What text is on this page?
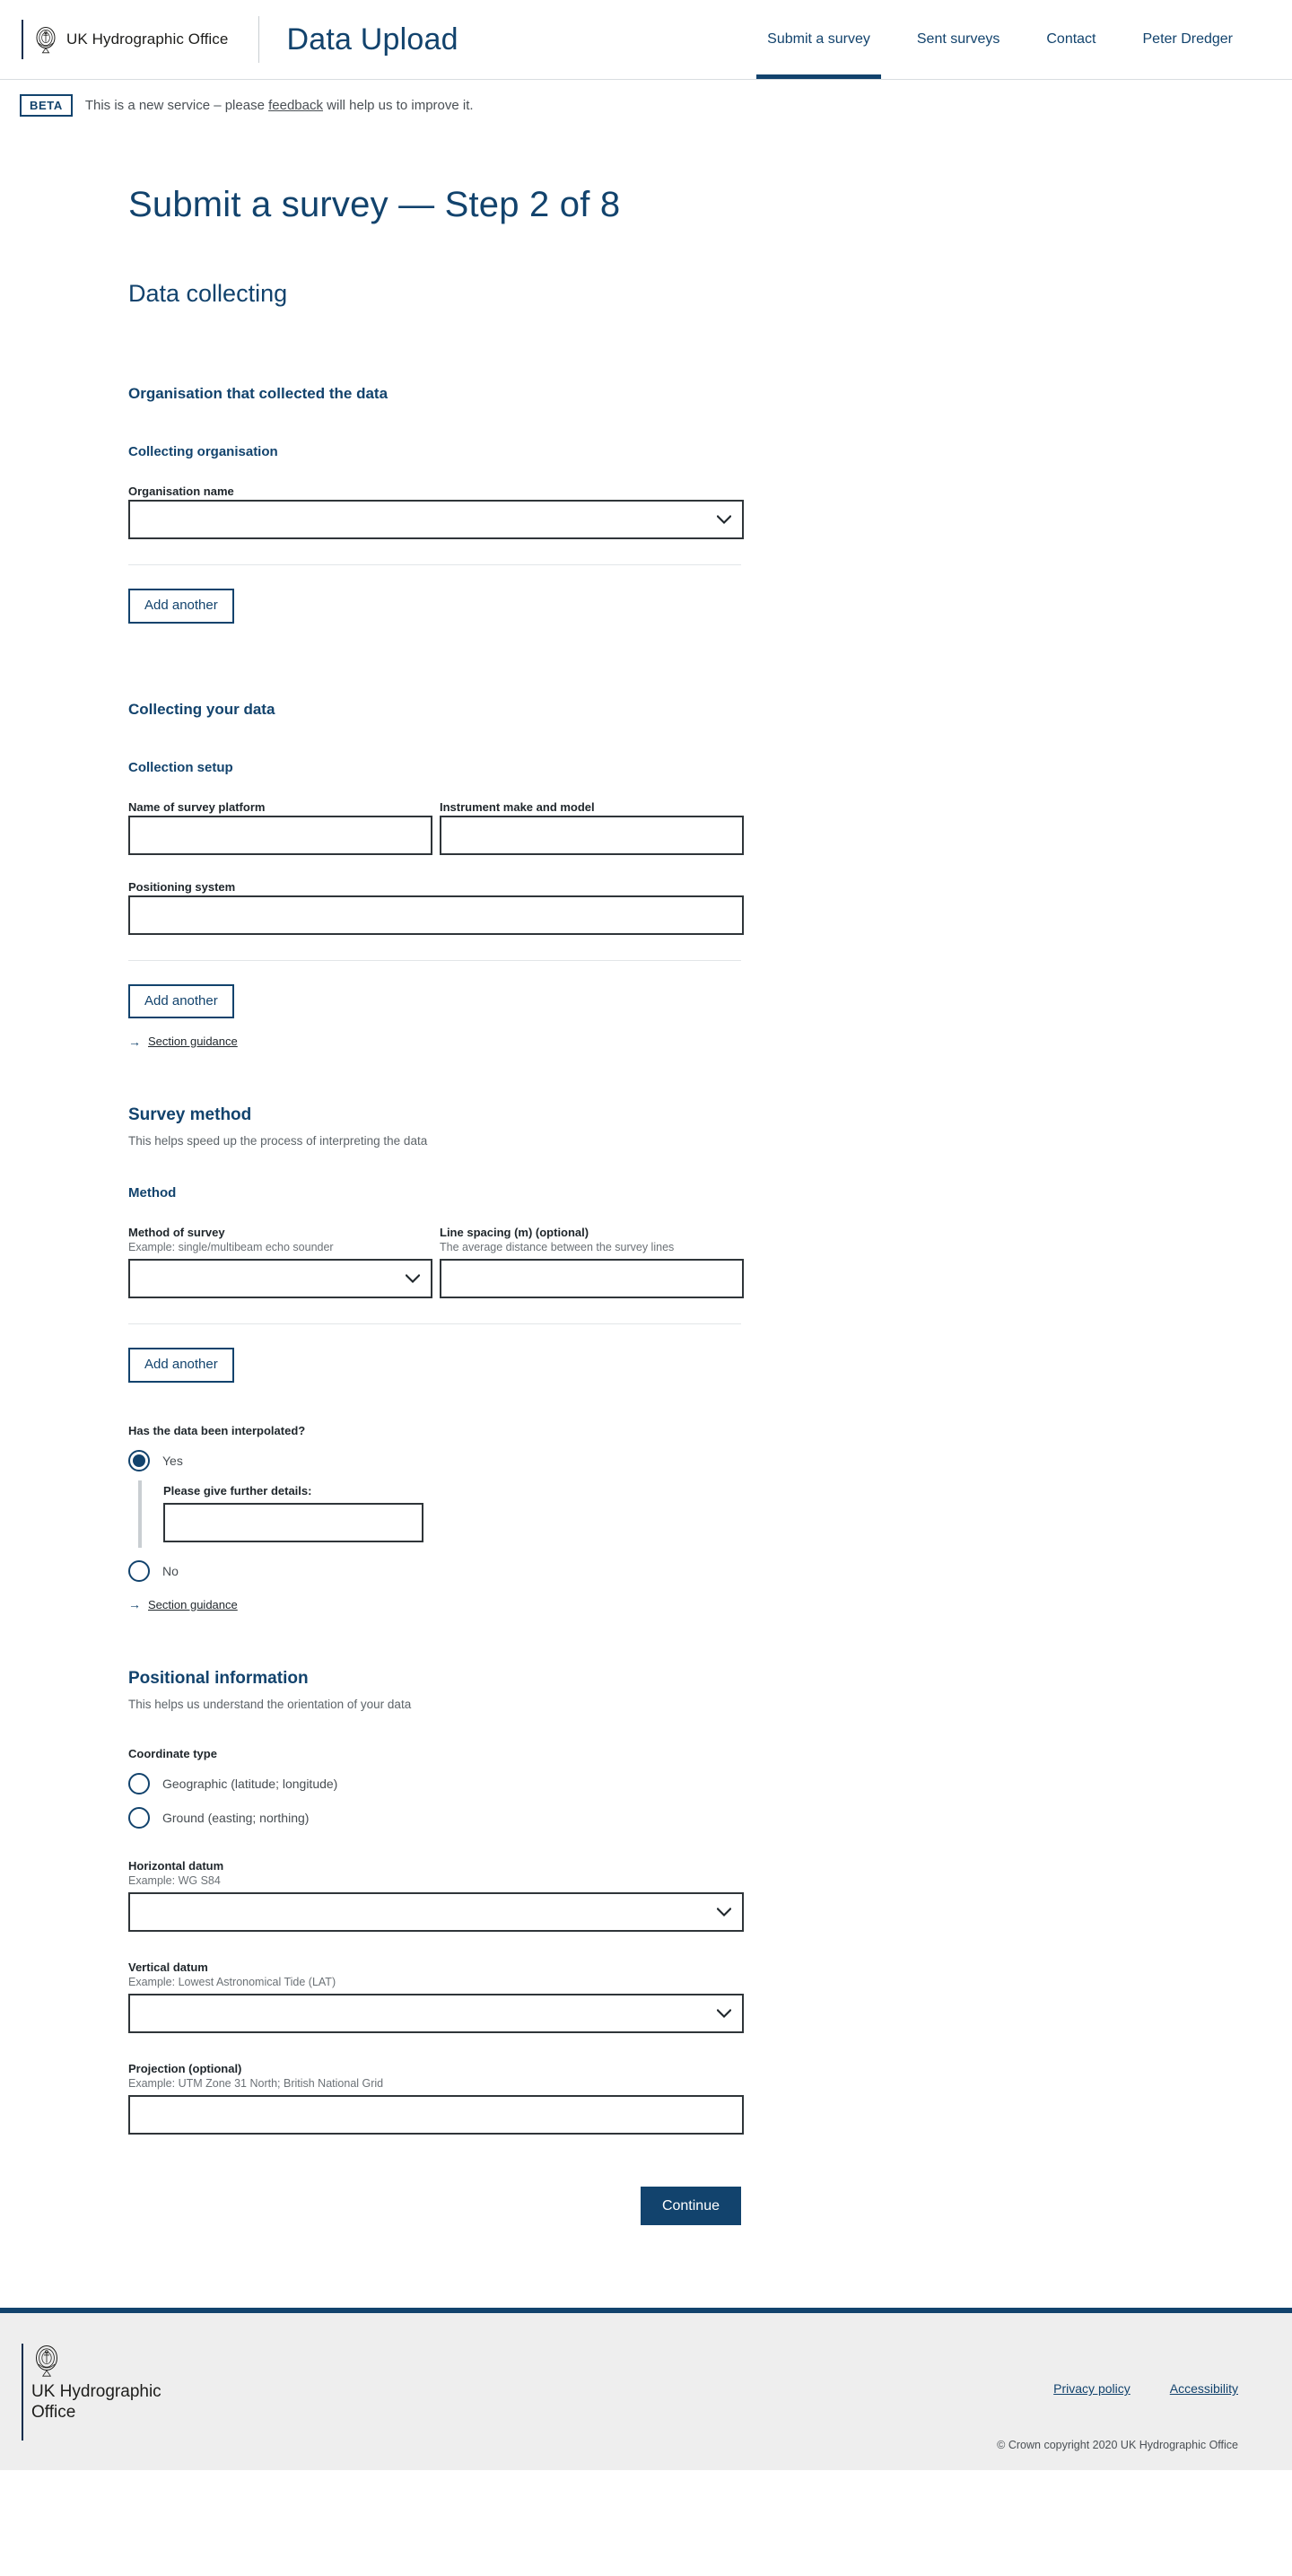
UK Hydrographic Office Data Upload	Submit a survey	Sent surveys	Contact	Peter Dredger
BETA	This is a new service – please feedback will help us to improve it.
Submit a survey — Step 2 of 8
Data collecting
Organisation that collected the data
Collecting organisation
Organisation name
Add another
Collecting your data
Collection setup
Name of survey platform	Instrument make and model
Positioning system
Add another
→ Section guidance
Survey method
This helps speed up the process of interpreting the data
Method
Method of survey
Example: single/multibeam echo sounder
Line spacing (m) (optional)
The average distance between the survey lines
Add another
Has the data been interpolated?
Yes
Please give further details:
No
→ Section guidance
Positional information
This helps us understand the orientation of your data
Coordinate type
Geographic (latitude; longitude)
Ground (easting; northing)
Horizontal datum
Example: WG S84
Vertical datum
Example: Lowest Astronomical Tide (LAT)
Projection (optional)
Example: UTM Zone 31 North; British National Grid
Continue
UK Hydrographic
Office
Privacy policy	Accessibility
© Crown copyright 2020 UK Hydrographic Office
